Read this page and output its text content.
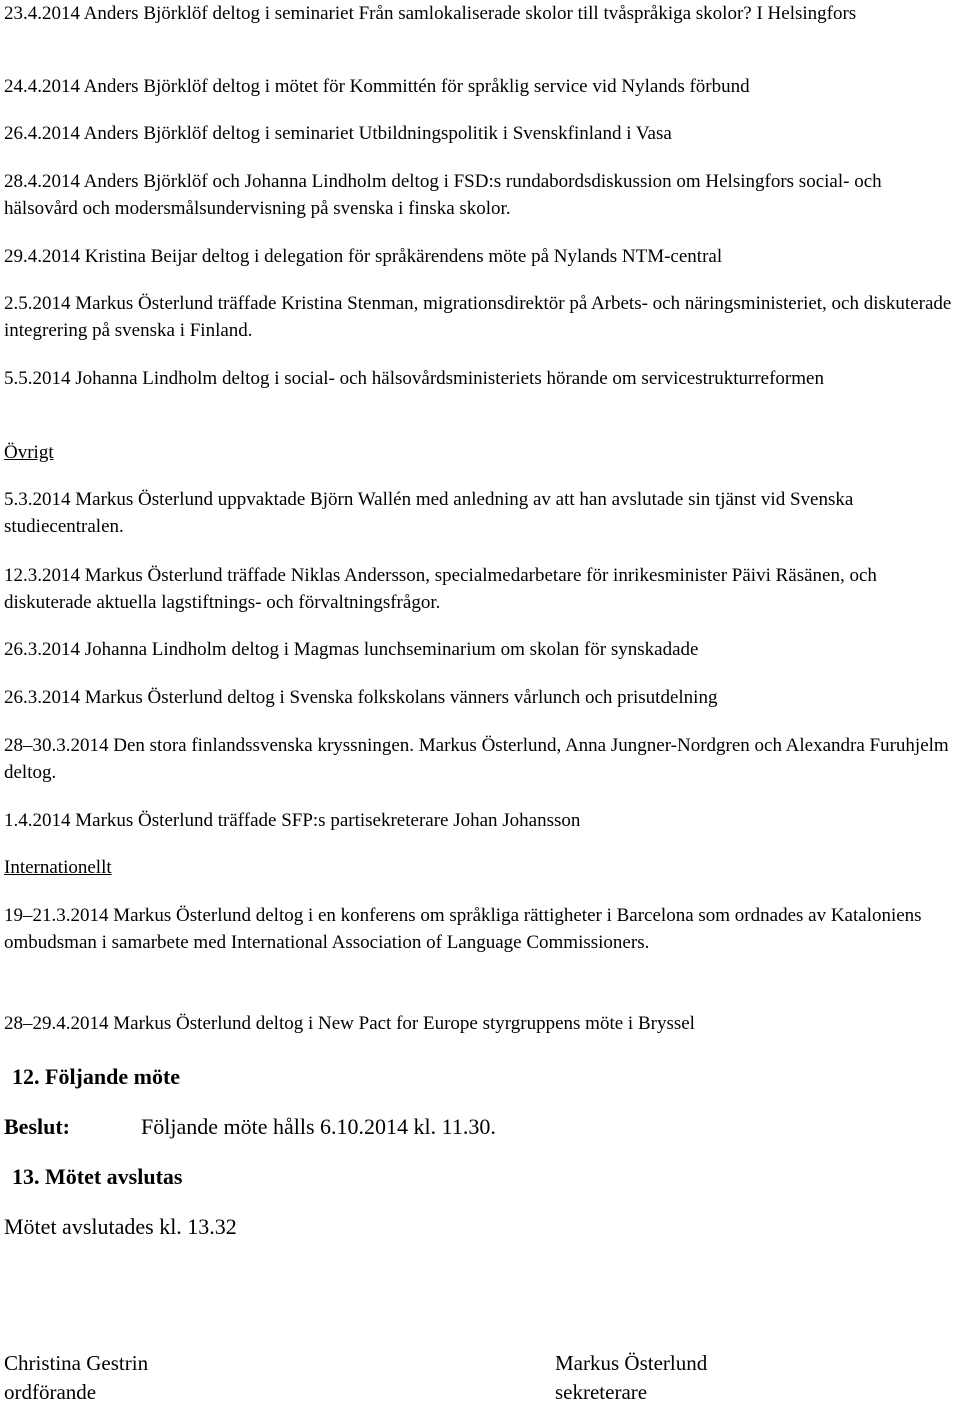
23.4.2014 Anders Björklöf deltog i seminariet Från samlokaliserade skolor till tvåspråkiga skolor? I Helsingfors

24.4.2014 Anders Björklöf deltog i mötet för Kommittén för språklig service vid Nylands förbund

26.4.2014 Anders Björklöf deltog i seminariet Utbildningspolitik i Svenskfinland i Vasa

28.4.2014 Anders Björklöf och Johanna Lindholm deltog i FSD:s rundabordsdiskussion om Helsingfors social- och hälsovård och modersmålsundervisning på svenska i finska skolor.

29.4.2014 Kristina Beijar deltog i delegation för språkärendens möte på Nylands NTM-central

2.5.2014 Markus Österlund träffade Kristina Stenman, migrationsdirektör på Arbets- och näringsministeriet, och diskuterade integrering på svenska i Finland.

5.5.2014 Johanna Lindholm deltog i social- och hälsovårdsministeriets hörande om servicestrukturreformen

Övrigt

5.3.2014 Markus Österlund uppvaktade Björn Wallén med anledning av att han avslutade sin tjänst vid Svenska studiecentralen.

12.3.2014 Markus Österlund träffade Niklas Andersson, specialmedarbetare för inrikesminister Päivi Räsänen, och diskuterade aktuella lagstiftnings- och förvaltningsfrågor.

26.3.2014 Johanna Lindholm deltog i Magmas lunchseminarium om skolan för synskadade

26.3.2014 Markus Österlund deltog i Svenska folkskolans vänners vårlunch och prisutdelning

28–30.3.2014 Den stora finlandssvenska kryssningen. Markus Österlund, Anna Jungner-Nordgren och Alexandra Furuhjelm deltog.

1.4.2014 Markus Österlund träffade SFP:s partisekreterare Johan Johansson

Internationellt

19–21.3.2014 Markus Österlund deltog i en konferens om språkliga rättigheter i Barcelona som ordnades av Kataloniens ombudsman i samarbete med International Association of Language Commissioners.

28–29.4.2014 Markus Österlund deltog i New Pact for Europe styrgruppens möte i Bryssel

12. Följande möte

Beslut:	Följande möte hålls 6.10.2014 kl. 11.30.

13. Mötet avslutas

Mötet avslutades kl. 13.32

Christina Gestrin
ordförande
Markus Österlund
sekreterare
